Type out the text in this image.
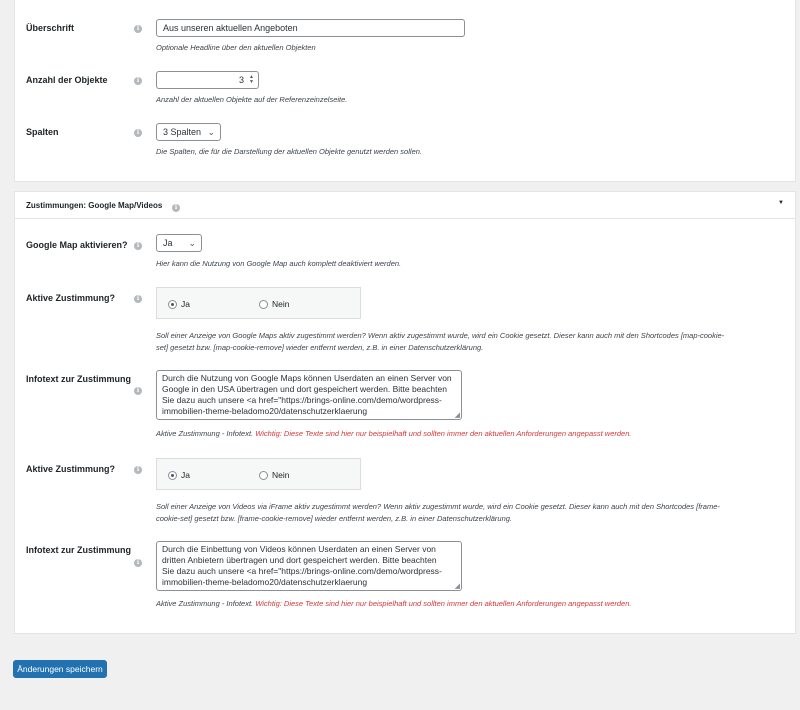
Überschrift	i	Aus unseren aktuellen Angeboten
Optionale Headline über den aktuellen Objekten
Anzahl der Objekte	i	3 ▲
▼
Anzahl der aktuellen Objekte auf der Referenzeinzelseite.
Spalten	i	3 Spalten ⌄
Die Spalten, die für die Darstellung der aktuellen Objekte genutzt werden sollen.
Zustimmungen: Google Map/Videos	i
▼
Google Map aktivieren?	i	Ja ⌄
Hier kann die Nutzung von Google Map auch komplett deaktiviert werden.
Aktive Zustimmung?	i
Ja	Nein
Soll einer Anzeige von Google Maps aktiv zugestimmt werden? Wenn aktiv zugestimmt wurde, wird ein Cookie gesetzt. Dieser kann auch mit den Shortcodes [map-cookie-
set] gesetzt bzw. [map-cookie-remove] wieder entfernt werden, z.B. in einer Datenschutzerklärung.
Infotext zur Zustimmung
i
Durch die Nutzung von Google Maps können Userdaten an einen Server von
Google in den USA übertragen und dort gespeichert werden. Bitte beachten
Sie dazu auch unsere <a href="https://brings-online.com/demo/wordpress-
immobilien-theme-beladomo20/datenschutzerklaerung	◢
Aktive Zustimmung - Infotext. Wichtig: Diese Texte sind hier nur beispielhaft und sollten immer den aktuellen Anforderungen angepasst werden.
Aktive Zustimmung?	i
Ja	Nein
Soll einer Anzeige von Videos via iFrame aktiv zugestimmt werden? Wenn aktiv zugestimmt wurde, wird ein Cookie gesetzt. Dieser kann auch mit den Shortcodes [frame-
cookie-set] gesetzt bzw. [frame-cookie-remove] wieder entfernt werden, z.B. in einer Datenschutzerklärung.
Infotext zur Zustimmung
i
Durch die Einbettung von Videos können Userdaten an einen Server von
dritten Anbietern übertragen und dort gespeichert werden. Bitte beachten
Sie dazu auch unsere <a href="https://brings-online.com/demo/wordpress-
immobilien-theme-beladomo20/datenschutzerklaerung	◢
Aktive Zustimmung - Infotext. Wichtig: Diese Texte sind hier nur beispielhaft und sollten immer den aktuellen Anforderungen angepasst werden.
Änderungen speichern
